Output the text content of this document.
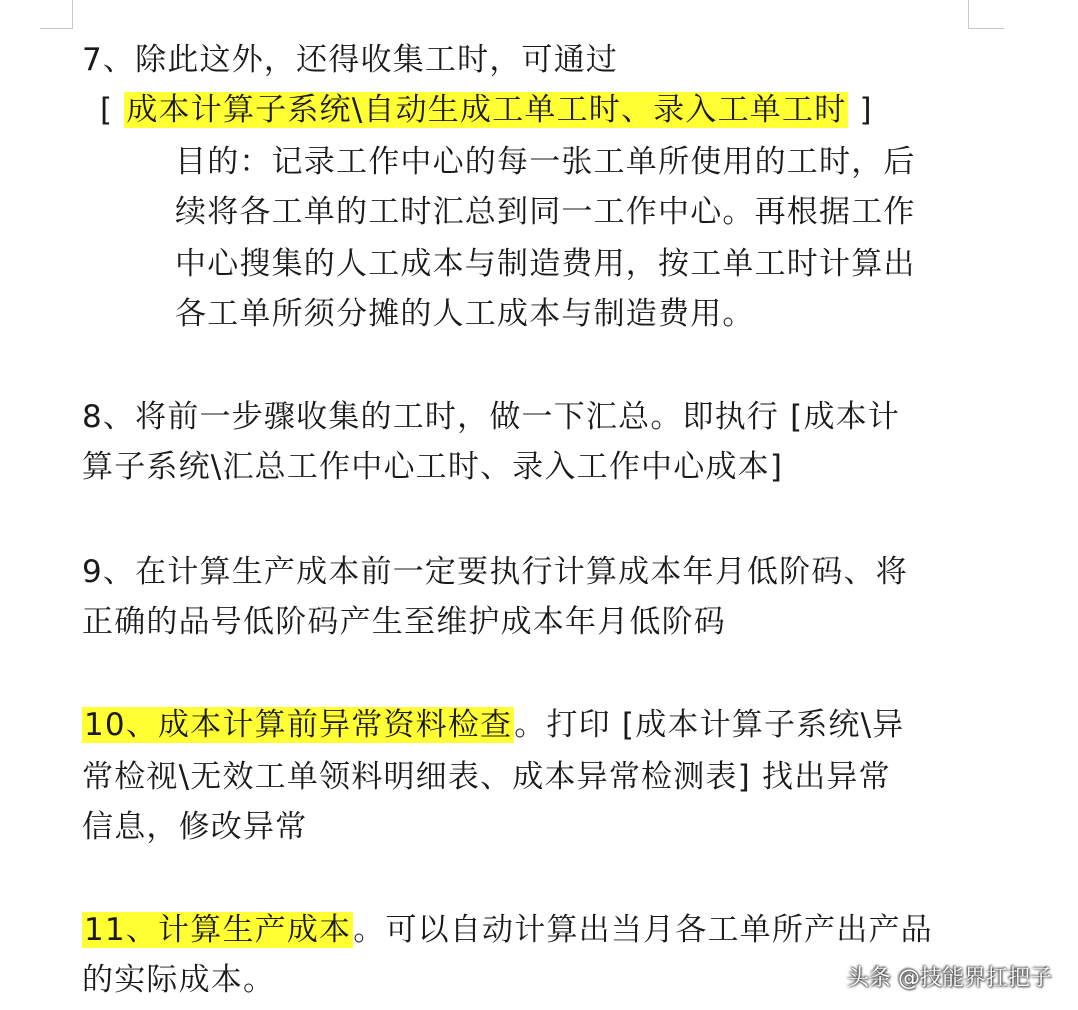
7、除此这外，还得收集工时，可通过
[ 成本计算子系统\自动生成工单工时、录入工单工时 ]
目的：记录工作中心的每一张工单所使用的工时，后
续将各工单的工时汇总到同一工作中心。再根据工作
中心搜集的人工成本与制造费用，按工单工时计算出
各工单所须分摊的人工成本与制造费用。
8、将前一步骤收集的工时，做一下汇总。即执行 [成本计
算子系统\汇总工作中心工时、录入工作中心成本]
9、在计算生产成本前一定要执行计算成本年月低阶码、将
正确的品号低阶码产生至维护成本年月低阶码
10、成本计算前异常资料检查。打印 [成本计算子系统\异
常检视\无效工单领料明细表、成本异常检测表] 找出异常
信息，修改异常
11、计算生产成本。可以自动计算出当月各工单所产出产品
的实际成本。	头条 @技能界扛把子
